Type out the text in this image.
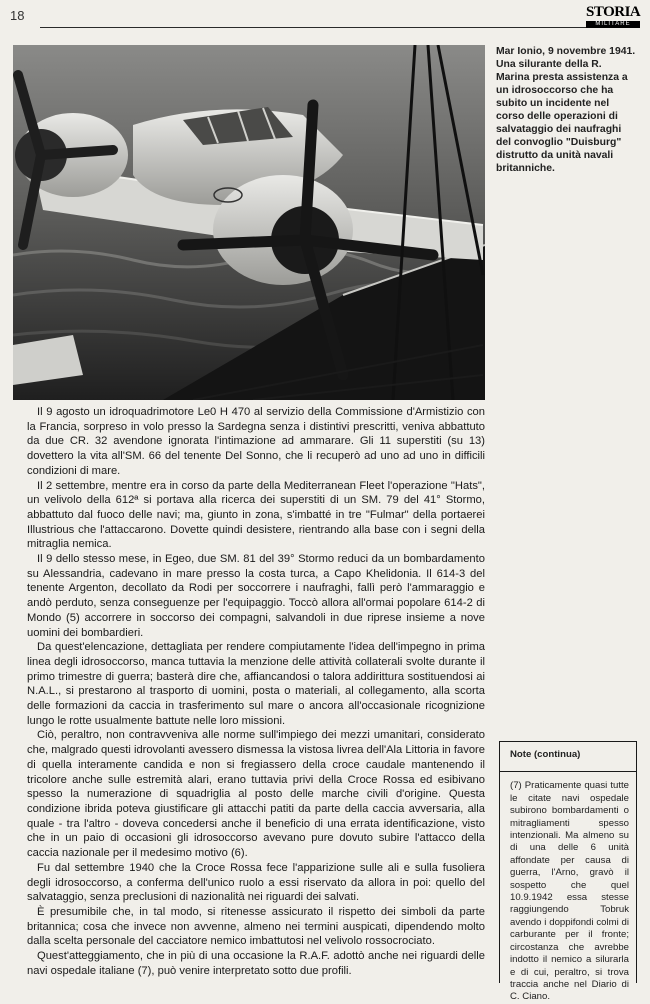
18	STORIA
MILITARE

Mar Ionio, 9 novembre 1941. Una silurante della R. Marina presta assistenza a un idrosoccorso che ha subito un incidente nel corso delle operazioni di salvataggio dei naufraghi del convoglio "Duisburg" distrutto da unità navali britanniche.

Il 9 agosto un idroquadrimotore Le0 H 470 al servizio della Commissione d'Armistizio con la Francia, sorpreso in volo presso la Sardegna senza i distintivi prescritti, veniva abbattuto da due CR. 32 avendone ignorata l'intimazione ad ammarare. Gli 11 superstiti (su 13) dovettero la vita all'SM. 66 del tenente Del Sonno, che li recuperò ad uno ad uno in difficili condizioni di mare.

Il 2 settembre, mentre era in corso da parte della Mediterranean Fleet l'operazione "Hats", un velivolo della 612ª si portava alla ricerca dei superstiti di un SM. 79 del 41° Stormo, abbattuto dal fuoco delle navi; ma, giunto in zona, s'imbatté in tre "Fulmar" della portaerei Illustrious che l'attaccarono. Dovette quindi desistere, rientrando alla base con i segni della mitraglia nemica.

Il 9 dello stesso mese, in Egeo, due SM. 81 del 39° Stormo reduci da un bombardamento su Alessandria, cadevano in mare presso la costa turca, a Capo Khelidonia. Il 614-3 del tenente Argenton, decollato da Rodi per soccorrere i naufraghi, fallì però l'ammaraggio e andò perduto, senza conseguenze per l'equipaggio. Toccò allora all'ormai popolare 614-2 di Mondo (5) accorrere in soccorso dei compagni, salvandoli in due riprese insieme a nove uomini dei bombardieri.

Da quest'elencazione, dettagliata per rendere compiutamente l'idea dell'impegno in prima linea degli idrosoccorso, manca tuttavia la menzione delle attività collaterali svolte durante il primo trimestre di guerra; basterà dire che, affiancandosi o talora addirittura sostituendosi ai N.A.L., si prestarono al trasporto di uomini, posta o materiali, al collegamento, alla scorta delle formazioni da caccia in trasferimento sul mare o ancora all'occasionale ricognizione lungo le rotte usualmente battute nelle loro missioni.

Ciò, peraltro, non contravveniva alle norme sull'impiego dei mezzi umanitari, considerato che, malgrado questi idrovolanti avessero dismessa la vistosa livrea dell'Ala Littoria in favore di quella interamente candida e non si fregiassero della croce caudale mantenendo il tricolore anche sulle estremità alari, erano tuttavia privi della Croce Rossa ed esibivano spesso la numerazione di squadriglia al posto delle marche civili d'origine. Questa condizione ibrida poteva giustificare gli attacchi patiti da parte della caccia avversaria, alla quale - tra l'altro - doveva concedersi anche il beneficio di una errata identificazione, visto che in un paio di occasioni gli idrosoccorso avevano pure dovuto subire l'attacco della caccia nazionale per il medesimo motivo (6).

Fu dal settembre 1940 che la Croce Rossa fece l'apparizione sulle ali e sulla fusoliera degli idrosoccorso, a conferma dell'unico ruolo a essi riservato da allora in poi: quello del salvataggio, senza preclusioni di nazionalità nei riguardi dei salvati.

È presumibile che, in tal modo, si ritenesse assicurato il rispetto dei simboli da parte britannica; cosa che invece non avvenne, almeno nei termini auspicati, dipendendo molto dalla scelta personale del cacciatore nemico imbattutosi nel velivolo rossocrociato.

Quest'atteggiamento, che in più di una occasione la R.A.F. adottò anche nei riguardi delle navi ospedale italiane (7), può venire interpretato sotto due profili.

Note (continua)

(7) Praticamente quasi tutte le citate navi ospedale subirono bombardamenti o mitragliamenti spesso intenzionali. Ma almeno su di una delle 6 unità affondate per causa di guerra, l'Arno, gravò il sospetto che quel 10.9.1942 essa stesse raggiungendo Tobruk avendo i doppifondi colmi di carburante per il fronte; circostanza che avrebbe indotto il nemico a silurarla e di cui, peraltro, si trova traccia anche nel Diario di C. Ciano.
